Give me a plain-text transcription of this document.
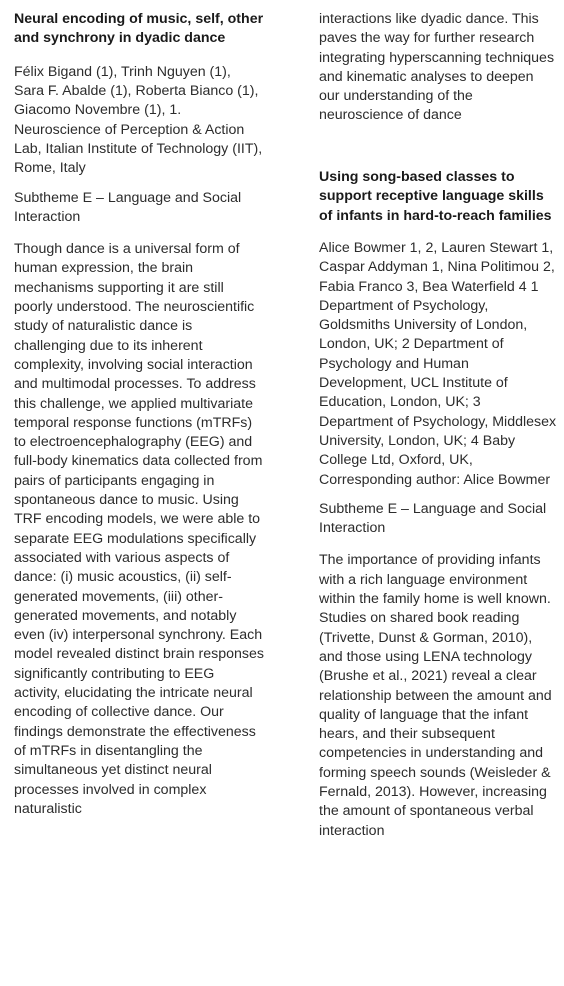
Neural encoding of music, self, other and synchrony in dyadic dance

Félix Bigand (1), Trinh Nguyen (1), Sara F. Abalde (1), Roberta Bianco (1), Giacomo Novembre (1), 1. Neuroscience of Perception & Action Lab, Italian Institute of Technology (IIT), Rome, Italy

Subtheme E – Language and Social Interaction

Though dance is a universal form of human expression, the brain mechanisms supporting it are still poorly understood. The neuroscientific study of naturalistic dance is challenging due to its inherent complexity, involving social interaction and multimodal processes. To address this challenge, we applied multivariate temporal response functions (mTRFs) to electroencephalography (EEG) and full-body kinematics data collected from pairs of participants engaging in spontaneous dance to music. Using TRF encoding models, we were able to separate EEG modulations specifically associated with various aspects of dance: (i) music acoustics, (ii) self-generated movements, (iii) other-generated movements, and notably even (iv) interpersonal synchrony. Each model revealed distinct brain responses significantly contributing to EEG activity, elucidating the intricate neural encoding of collective dance. Our findings demonstrate the effectiveness of mTRFs in disentangling the simultaneous yet distinct neural processes involved in complex naturalistic

interactions like dyadic dance. This paves the way for further research integrating hyperscanning techniques and kinematic analyses to deepen our understanding of the neuroscience of dance

Using song-based classes to support receptive language skills of infants in hard-to-reach families

Alice Bowmer 1, 2, Lauren Stewart 1, Caspar Addyman 1, Nina Politimou 2, Fabia Franco 3, Bea Waterfield 4 1 Department of Psychology, Goldsmiths University of London, London, UK; 2 Department of Psychology and Human Development, UCL Institute of Education, London, UK; 3 Department of Psychology, Middlesex University, London, UK; 4 Baby College Ltd, Oxford, UK, Corresponding author: Alice Bowmer

Subtheme E – Language and Social Interaction

The importance of providing infants with a rich language environment within the family home is well known. Studies on shared book reading (Trivette, Dunst & Gorman, 2010), and those using LENA technology (Brushe et al., 2021) reveal a clear relationship between the amount and quality of language that the infant hears, and their subsequent competencies in understanding and forming speech sounds (Weisleder & Fernald, 2013). However, increasing the amount of spontaneous verbal interaction
